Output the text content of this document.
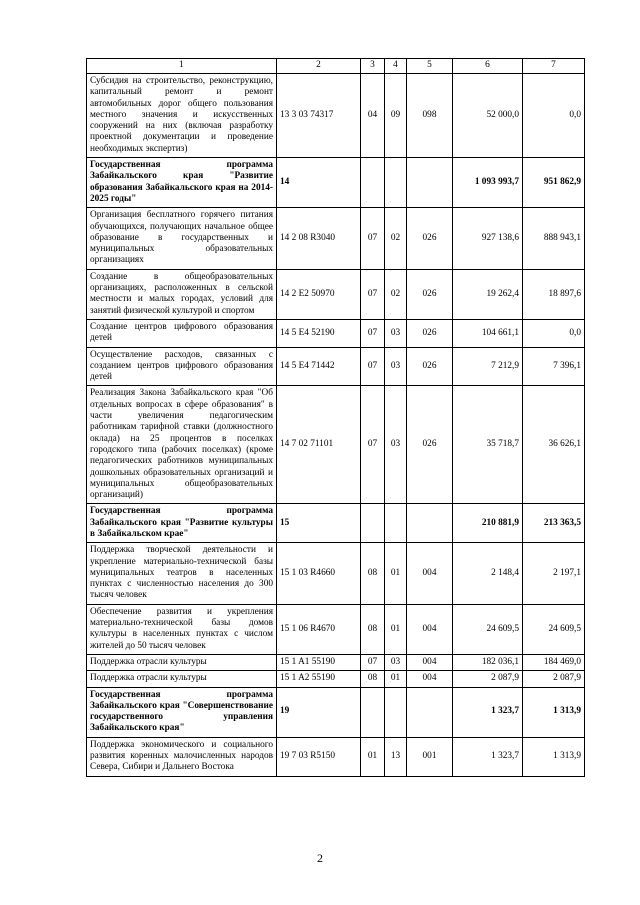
1	2	3	4	5	6	7
Субсидия на строительство, реконструкцию, капитальный ремонт и ремонт автомобильных дорог общего пользования местного значения и искусственных сооружений на них (включая разработку проектной документации и проведение необходимых экспертиз)	13 3 03 74317	04	09	098	52 000,0	0,0
Государственная программа Забайкальского края "Развитие образования Забайкальского края на 2014-2025 годы"	14				1 093 993,7	951 862,9
Организация бесплатного горячего питания обучающихся, получающих начальное общее образование в государственных и муниципальных образовательных организациях	14 2 08 R3040	07	02	026	927 138,6	888 943,1
Создание в общеобразовательных организациях, расположенных в сельской местности и малых городах, условий для занятий физической культурой и спортом	14 2 E2 50970	07	02	026	19 262,4	18 897,6
Создание центров цифрового образования детей	14 5 E4 52190	07	03	026	104 661,1	0,0
Осуществление расходов, связанных с созданием центров цифрового образования детей	14 5 E4 71442	07	03	026	7 212,9	7 396,1
Реализация Закона Забайкальского края "Об отдельных вопросах в сфере образования" в части увеличения педагогическим работникам тарифной ставки (должностного оклада) на 25 процентов в поселках городского типа (рабочих поселках) (кроме педагогических работников муниципальных дошкольных образовательных организаций и муниципальных общеобразовательных организаций)	14 7 02 71101	07	03	026	35 718,7	36 626,1
Государственная программа Забайкальского края "Развитие культуры в Забайкальском крае"	15				210 881,9	213 363,5
Поддержка творческой деятельности и укрепление материально-технической базы муниципальных театров в населенных пунктах с численностью населения до 300 тысяч человек	15 1 03 R4660	08	01	004	2 148,4	2 197,1
Обеспечение развития и укрепления материально-технической базы домов культуры в населенных пунктах с числом жителей до 50 тысяч человек	15 1 06 R4670	08	01	004	24 609,5	24 609,5
Поддержка отрасли культуры	15 1 A1 55190	07	03	004	182 036,1	184 469,0
Поддержка отрасли культуры	15 1 A2 55190	08	01	004	2 087,9	2 087,9
Государственная программа Забайкальского края "Совершенствование государственного управления Забайкальского края"	19				1 323,7	1 313,9
Поддержка экономического и социального развития коренных малочисленных народов Севера, Сибири и Дальнего Востока	19 7 03 R5150	01	13	001	1 323,7	1 313,9
2
